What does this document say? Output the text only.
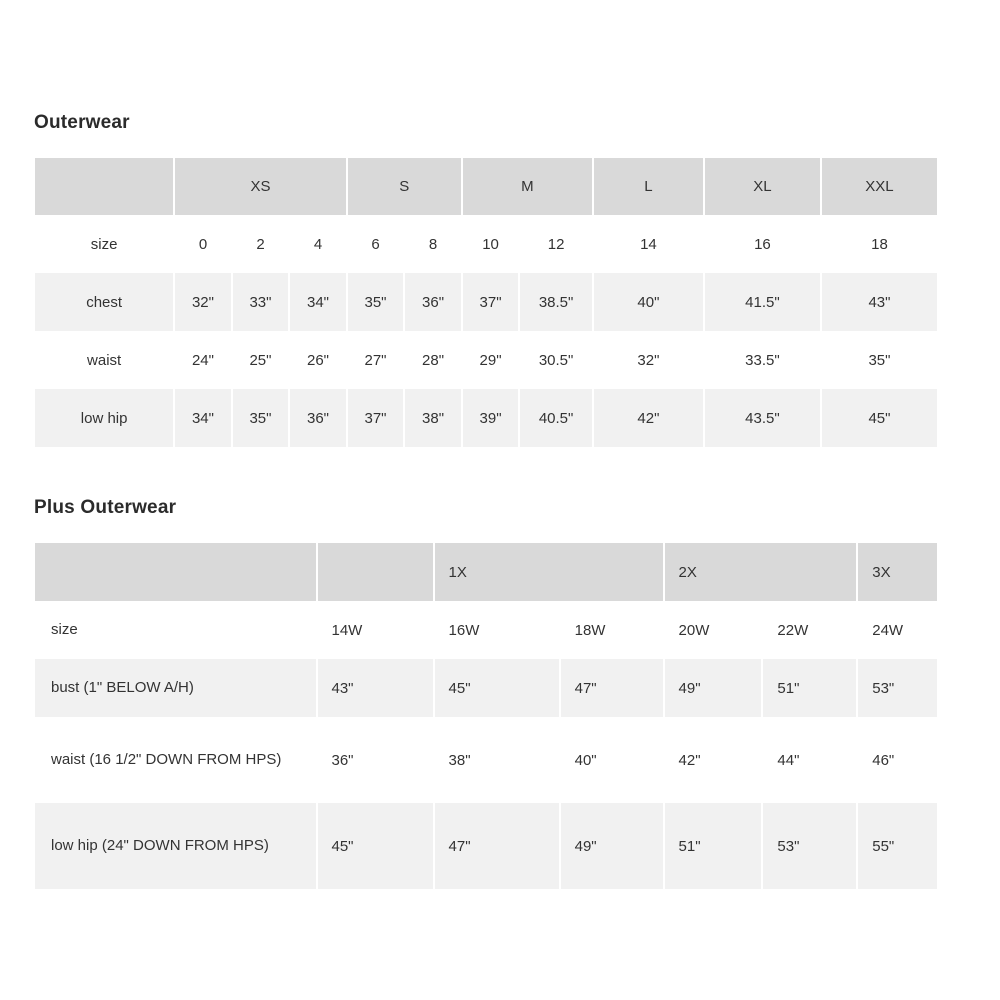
Outerwear
	XS			S		M		L	XL	XXL
size	0	2	4	6	8	10	12	14	16	18
chest	32"	33"	34"	35"	36"	37"	38.5"	40"	41.5"	43"
waist	24"	25"	26"	27"	28"	29"	30.5"	32"	33.5"	35"
low hip	34"	35"	36"	37"	38"	39"	40.5"	42"	43.5"	45"
Plus Outerwear
		1X		2X		3X
size	14W	16W	18W	20W	22W	24W
bust (1" BELOW A/H)	43"	45"	47"	49"	51"	53"
waist (16 1/2" DOWN FROM HPS)	36"	38"	40"	42"	44"	46"
low hip (24" DOWN FROM HPS)	45"	47"	49"	51"	53"	55"
